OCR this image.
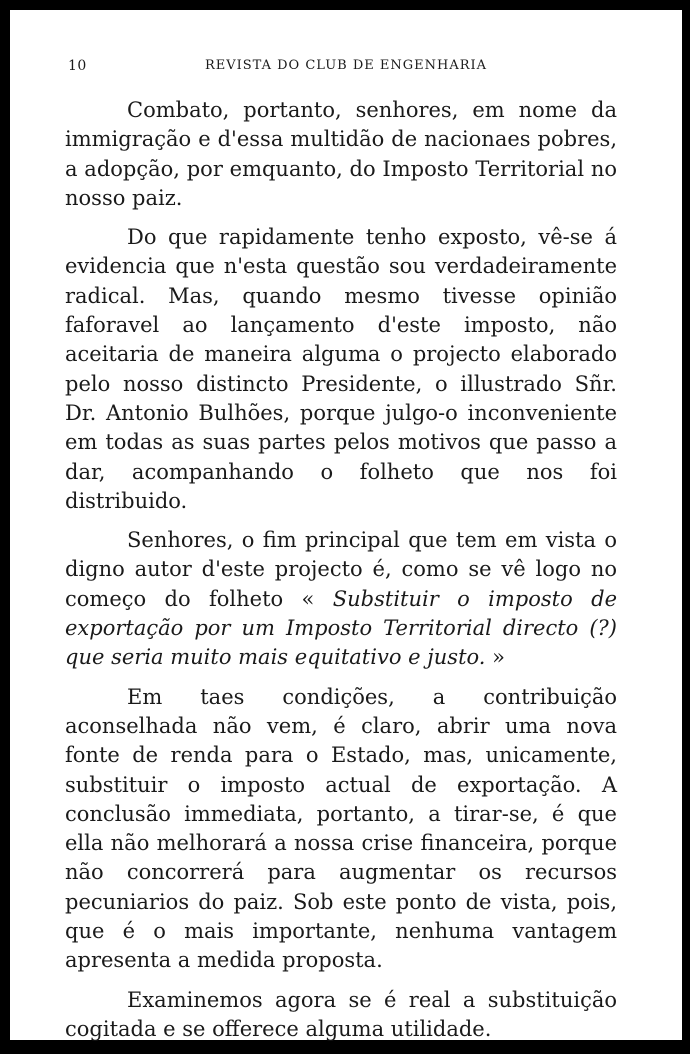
10	REVISTA DO CLUB DE ENGENHARIA

Combato, portanto, senhores, em nome da immigração e d'essa multidão de nacionaes pobres, a adopção, por emquanto, do Imposto Territorial no nosso paiz.

Do que rapidamente tenho exposto, vê-se á evidencia que n'esta questão sou verdadeiramente radical. Mas, quando mesmo tivesse opinião faforavel ao lançamento d'este imposto, não aceitaria de maneira alguma o projecto elaborado pelo nosso distincto Presidente, o illustrado Sñr. Dr. Antonio Bulhões, porque julgo-o inconveniente em todas as suas partes pelos motivos que passo a dar, acompanhando o folheto que nos foi distribuido.

Senhores, o fim principal que tem em vista o digno autor d'este projecto é, como se vê logo no começo do folheto « Substituir o imposto de exportação por um Imposto Territorial directo (?) que seria muito mais equitativo e justo. »

Em taes condições, a contribuição aconselhada não vem, é claro, abrir uma nova fonte de renda para o Estado, mas, unicamente, substituir o imposto actual de exportação. A conclusão immediata, portanto, a tirar-se, é que ella não melhorará a nossa crise financeira, porque não concorrerá para augmentar os recursos pecuniarios do paiz. Sob este ponto de vista, pois, que é o mais importante, nenhuma vantagem apresenta a medida proposta.

Examinemos agora se é real a substituição cogitada e se offerece alguma utilidade.
